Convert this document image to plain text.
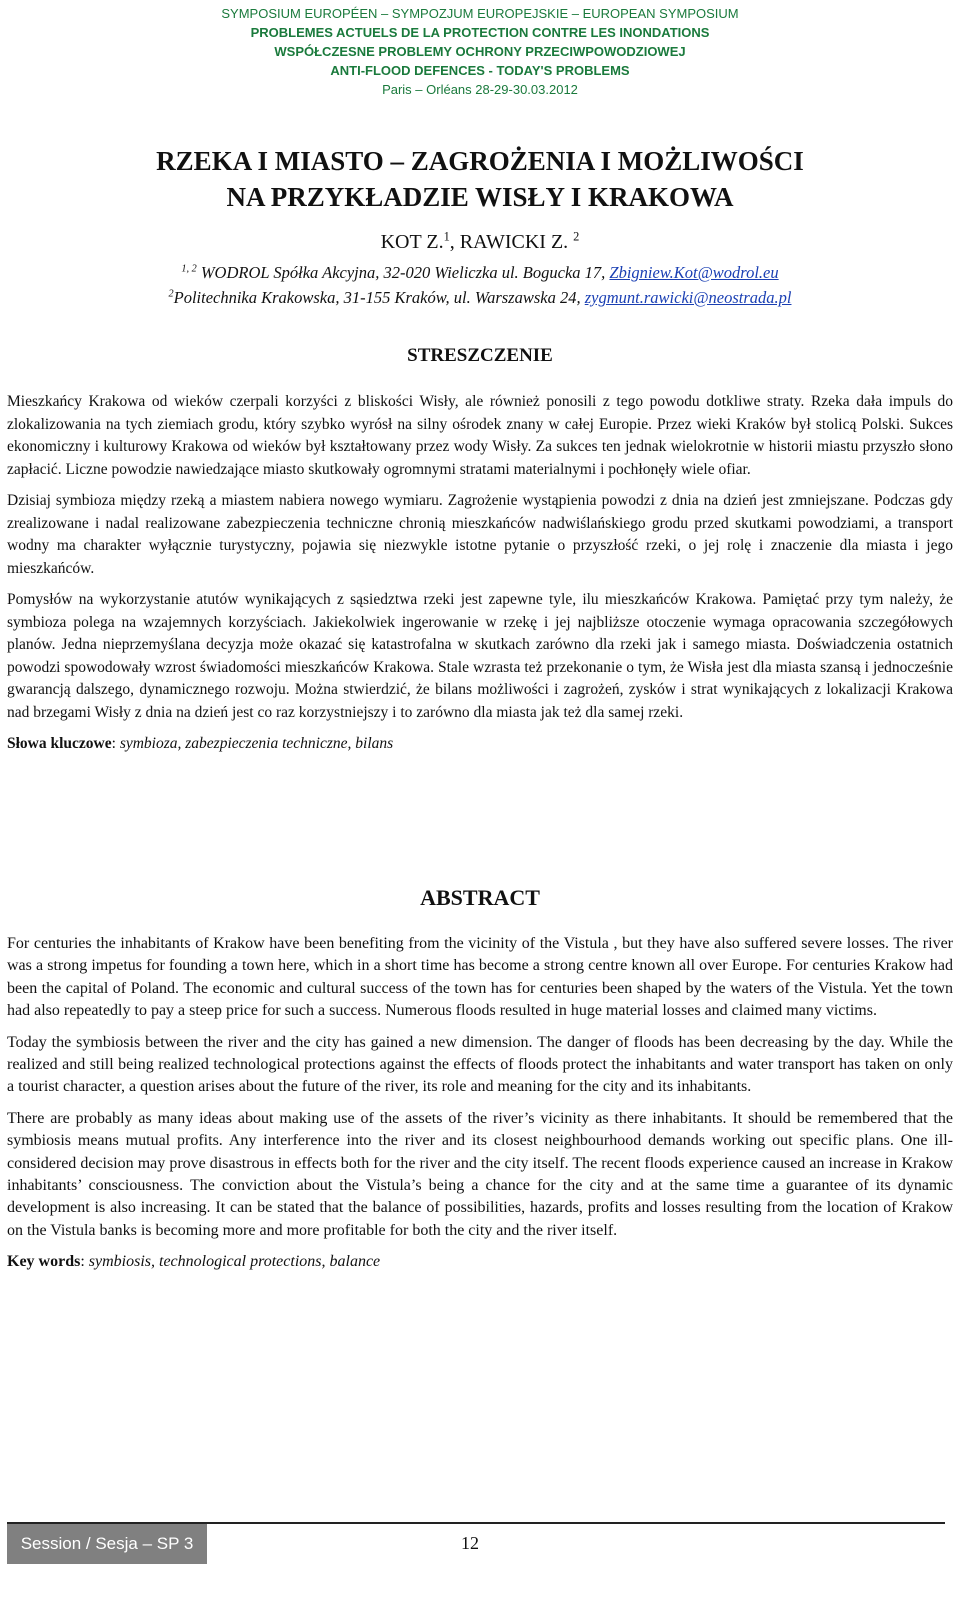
SYMPOSIUM EUROPÉEN – SYMPOZJUM EUROPEJSKIE – EUROPEAN SYMPOSIUM
PROBLEMES ACTUELS DE LA PROTECTION CONTRE LES INONDATIONS
WSPÓŁCZESNE PROBLEMY OCHRONY PRZECIWPOWODZIOWEJ
ANTI-FLOOD DEFENCES - TODAY'S PROBLEMS
Paris – Orléans 28-29-30.03.2012
RZEKA I MIASTO – ZAGROŻENIA I MOŻLIWOŚCI
NA PRZYKŁADZIE WISŁY I KRAKOWA
KOT Z.$^1$, RAWICKI Z. $^2$
$^{1, 2}$ WODROL Spółka Akcyjna, 32-020 Wieliczka ul. Bogucka 17, Zbigniew.Kot@wodrol.eu
$^2$Politechnika Krakowska, 31-155 Kraków, ul. Warszawska 24, zygmunt.rawicki@neostrada.pl
STRESZCZENIE

Mieszkańcy Krakowa od wieków czerpali korzyści z bliskości Wisły, ale również ponosili z tego powodu dotkliwe straty. Rzeka dała impuls do zlokalizowania na tych ziemiach grodu, który szybko wyrósł na silny ośrodek znany w całej Europie. Przez wieki Kraków był stolicą Polski. Sukces ekonomiczny i kulturowy Krakowa od wieków był kształtowany przez wody Wisły. Za sukces ten jednak wielokrotnie w historii miastu przyszło słono zapłacić. Liczne powodzie nawiedzające miasto skutkowały ogromnymi stratami materialnymi i pochłonęły wiele ofiar.

Dzisiaj symbioza między rzeką a miastem nabiera nowego wymiaru. Zagrożenie wystąpienia powodzi z dnia na dzień jest zmniejszane. Podczas gdy zrealizowane i nadal realizowane zabezpieczenia techniczne chronią mieszkańców nadwiślańskiego grodu przed skutkami powodziami, a transport wodny ma charakter wyłącznie turystyczny, pojawia się niezwykle istotne pytanie o przyszłość rzeki, o jej rolę i znaczenie dla miasta i jego mieszkańców.

Pomysłów na wykorzystanie atutów wynikających z sąsiedztwa rzeki jest zapewne tyle, ilu mieszkańców Krakowa. Pamiętać przy tym należy, że symbioza polega na wzajemnych korzyściach. Jakiekolwiek ingerowanie w rzekę i jej najbliższe otoczenie wymaga opracowania szczegółowych planów. Jedna nieprzemyślana decyzja może okazać się katastrofalna w skutkach zarówno dla rzeki jak i samego miasta. Doświadczenia ostatnich powodzi spowodowały wzrost świadomości mieszkańców Krakowa. Stale wzrasta też przekonanie o tym, że Wisła jest dla miasta szansą i jednocześnie gwarancją dalszego, dynamicznego rozwoju. Można stwierdzić, że bilans możliwości i zagrożeń, zysków i strat wynikających z lokalizacji Krakowa nad brzegami Wisły z dnia na dzień jest co raz korzystniejszy i to zarówno dla miasta jak też dla samej rzeki.

Słowa kluczowe: symbioza, zabezpieczenia techniczne, bilans

ABSTRACT

For centuries the inhabitants of Krakow have been benefiting from the vicinity of the Vistula , but they have also suffered severe losses. The river was a strong impetus for founding a town here, which in a short time has become a strong centre known all over Europe. For centuries Krakow had been the capital of Poland. The economic and cultural success of the town has for centuries been shaped by the waters of the Vistula. Yet the town had also repeatedly to pay a steep price for such a success. Numerous floods resulted in huge material losses and claimed many victims.

Today the symbiosis between the river and the city has gained a new dimension. The danger of floods has been decreasing by the day. While the realized and still being realized technological protections against the effects of floods protect the inhabitants and water transport has taken on only a tourist character, a question arises about the future of the river, its role and meaning for the city and its inhabitants.

There are probably as many ideas about making use of the assets of the river’s vicinity as there inhabitants. It should be remembered that the symbiosis means mutual profits. Any interference into the river and its closest neighbourhood demands working out specific plans. One ill-considered decision may prove disastrous in effects both for the river and the city itself. The recent floods experience caused an increase in Krakow inhabitants’ consciousness. The conviction about the Vistula’s being a chance for the city and at the same time a guarantee of its dynamic development is also increasing. It can be stated that the balance of possibilities, hazards, profits and losses resulting from the location of Krakow on the Vistula banks is becoming more and more profitable for both the city and the river itself.

Key words: symbiosis, technological protections, balance

Session / Sesja – SP 3	12
